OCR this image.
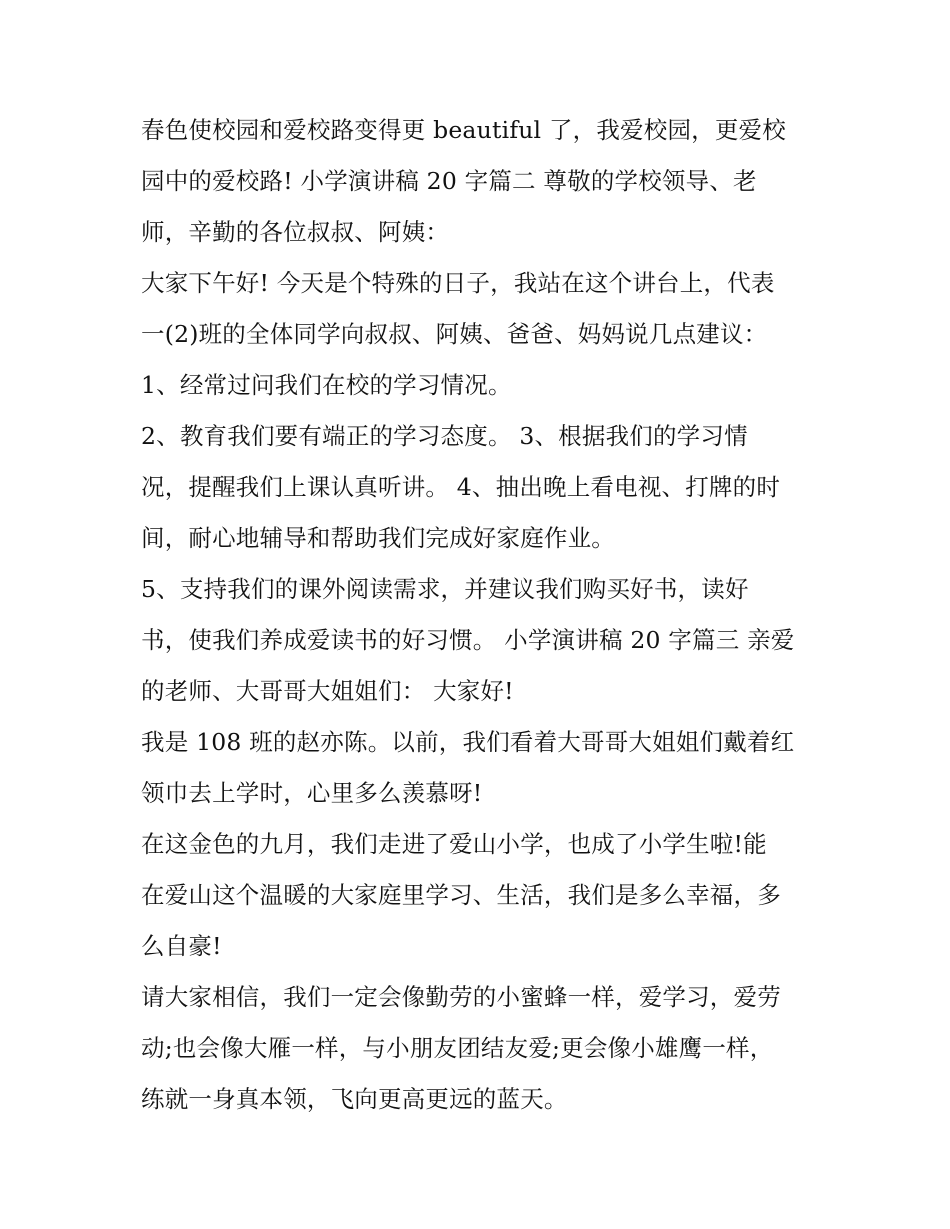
春色使校园和爱校路变得更 beautiful 了，我爱校园，更爱校
园中的爱校路! 小学演讲稿 20 字篇二 尊敬的学校领导、老
师，辛勤的各位叔叔、阿姨：
大家下午好! 今天是个特殊的日子，我站在这个讲台上，代表
一(2)班的全体同学向叔叔、阿姨、爸爸、妈妈说几点建议：
1、经常过问我们在校的学习情况。
2、教育我们要有端正的学习态度。 3、根据我们的学习情
况，提醒我们上课认真听讲。 4、抽出晚上看电视、打牌的时
间，耐心地辅导和帮助我们完成好家庭作业。
5、支持我们的课外阅读需求，并建议我们购买好书，读好
书，使我们养成爱读书的好习惯。 小学演讲稿 20 字篇三 亲爱
的老师、大哥哥大姐姐们： 大家好!
我是 108 班的赵亦陈。以前，我们看着大哥哥大姐姐们戴着红
领巾去上学时，心里多么羡慕呀!
在这金色的九月，我们走进了爱山小学，也成了小学生啦!能
在爱山这个温暖的大家庭里学习、生活，我们是多么幸福，多
么自豪!
请大家相信，我们一定会像勤劳的小蜜蜂一样，爱学习，爱劳
动;也会像大雁一样，与小朋友团结友爱;更会像小雄鹰一样，
练就一身真本领，飞向更高更远的蓝天。
